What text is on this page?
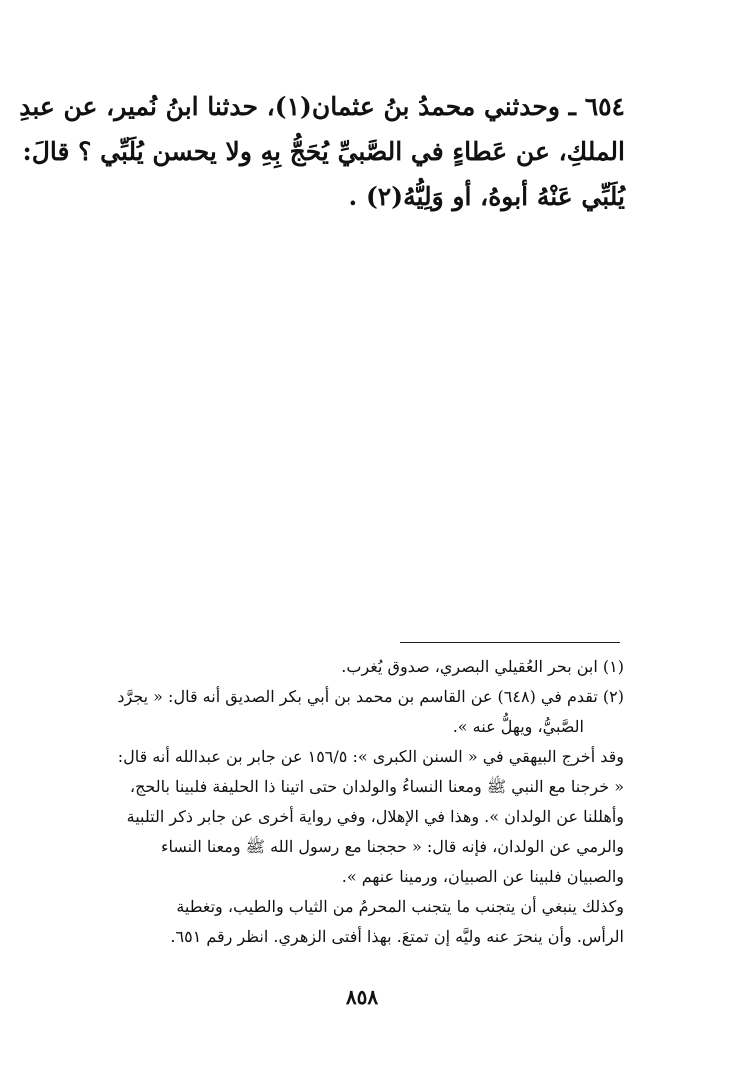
٦٥٤ ـ وحدثني محمدُ بنُ عثمان(١)، حدثنا ابنُ نُمير، عن عبدِ
الملكِ، عن عَطاءٍ في الصَّبيِّ يُحَجُّ بِهِ ولا يحسن يُلَبِّي ؟ قالَ:
يُلَبِّي عَنْهُ أبوهُ، أو وَلِيُّهُ(٢) .
(١) ابن بحر العُقيلي البصري، صدوق يُغرب.
(٢) تقدم في (٦٤٨) عن القاسم بن محمد بن أبي بكر الصديق أنه قال: « يجرَّد
الصَّبيُّ، ويهلُّ عنه ».
وقد أخرج البيهقي في « السنن الكبرى »: ١٥٦/٥ عن جابر بن عبدالله أنه قال:
« خرجنا مع النبي ﷺ ومعنا النساءُ والولدان حتى اتينا ذا الحليفة فلبينا بالحج،
وأهللنا عن الولدان ». وهذا في الإهلال، وفي رواية أخرى عن جابر ذكر التلبية
والرمي عن الولدان، فإنه قال: « حججنا مع رسول الله ﷺ ومعنا النساء
والصبيان فلبينا عن الصبيان، ورمينا عنهم ».
وكذلك ينبغي أن يتجنب ما يتجنب المحرمُ من الثياب والطيب، وتغطية
الرأس. وأن ينحرَ عنه وليَّه إن تمتعَ. بهذا أفتى الزهري. انظر رقم ٦٥١.
٨٥٨
